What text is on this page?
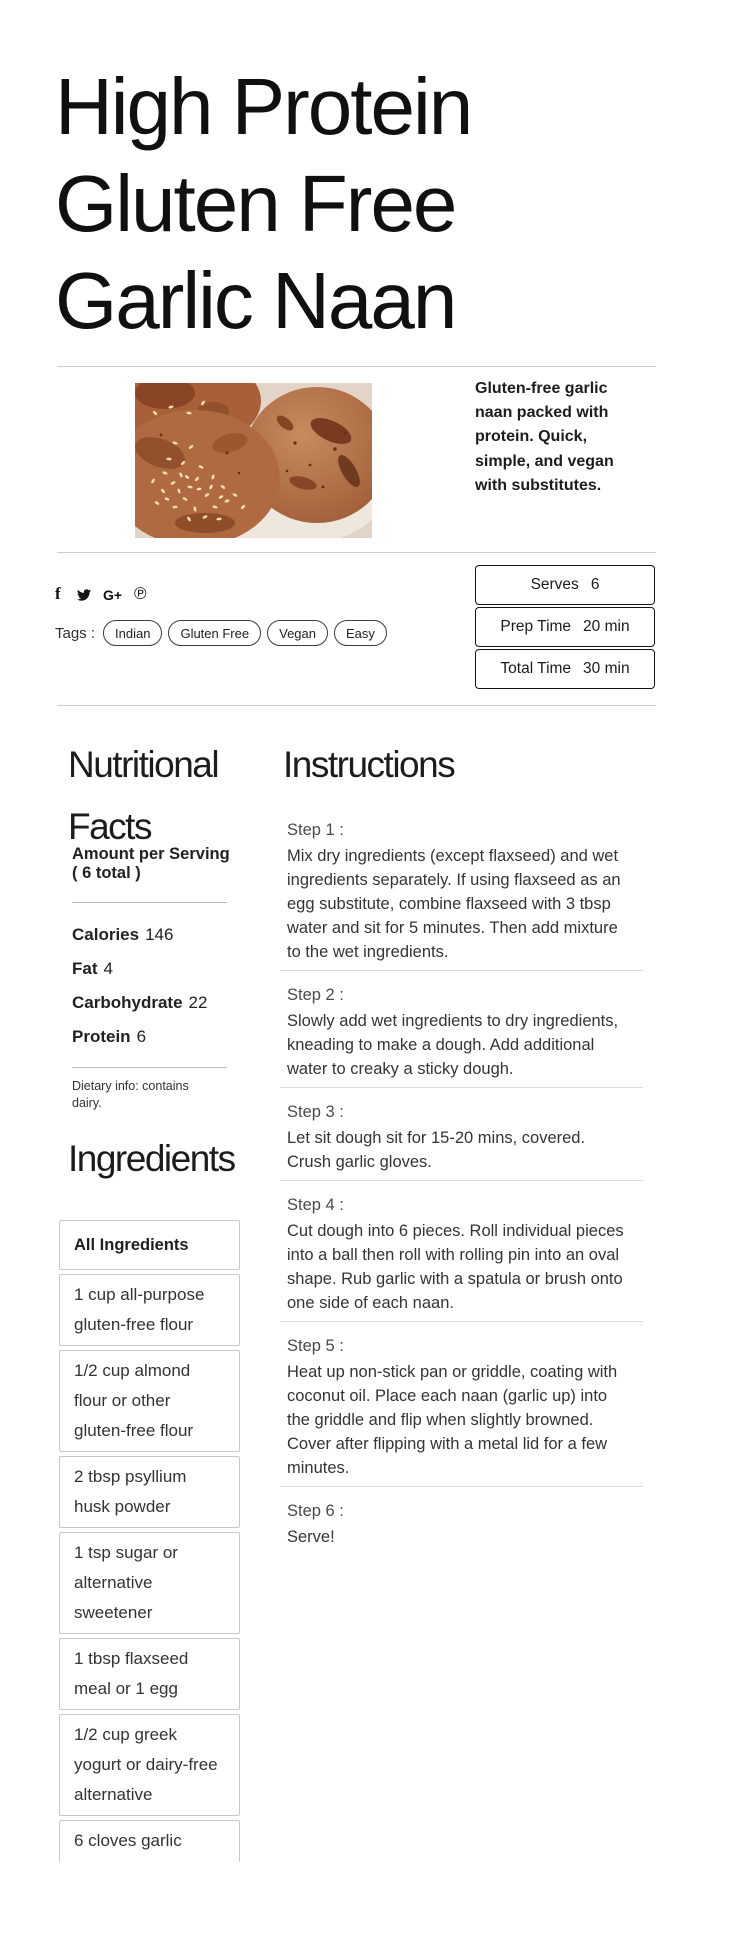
High Protein
Gluten Free
Garlic Naan
Gluten-free garlic naan packed with protein. Quick, simple, and vegan with substitutes.
f	G+ ℗
Tags :	Indian	Gluten Free	Vegan	Easy
Serves 6
Prep Time 20 min
Total Time 30 min
Nutritional Facts
Amount per Serving ( 6 total )
Calories 146
Fat 4
Carbohydrate 22
Protein 6
Dietary info: contains dairy.
Instructions
Step 1 :
Mix dry ingredients (except flaxseed) and wet ingredients separately. If using flaxseed as an egg substitute, combine flaxseed with 3 tbsp water and sit for 5 minutes. Then add mixture to the wet ingredients.
Step 2 :
Slowly add wet ingredients to dry ingredients, kneading to make a dough. Add additional water to creaky a sticky dough.
Step 3 :
Let sit dough sit for 15-20 mins, covered. Crush garlic gloves.
Step 4 :
Cut dough into 6 pieces. Roll individual pieces into a ball then roll with rolling pin into an oval shape. Rub garlic with a spatula or brush onto one side of each naan.
Step 5 :
Heat up non-stick pan or griddle, coating with coconut oil. Place each naan (garlic up) into the griddle and flip when slightly browned. Cover after flipping with a metal lid for a few minutes.
Step 6 :
Serve!
Ingredients
All Ingredients
1 cup all-purpose gluten-free flour
1/2 cup almond flour or other gluten-free flour
2 tbsp psyllium husk powder
1 tsp sugar or alternative sweetener
1 tbsp flaxseed meal or 1 egg
1/2 cup greek yogurt or dairy-free alternative
6 cloves garlic
